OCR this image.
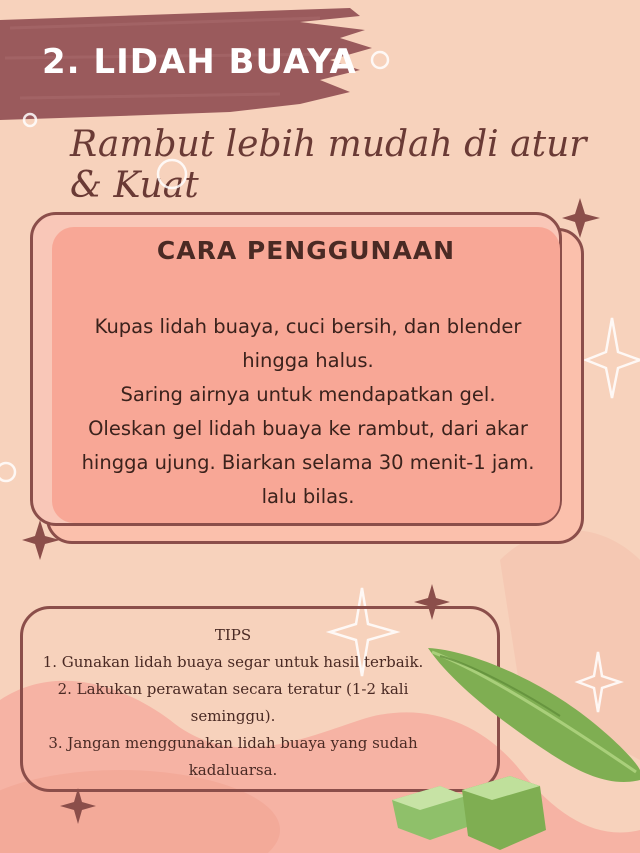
2. LIDAH BUAYA
Rambut lebih mudah di atur & Kuat
CARA PENGGUNAAN
Kupas lidah buaya, cuci bersih, dan blender
hingga halus.
Saring airnya untuk mendapatkan gel.
Oleskan gel lidah buaya ke rambut, dari akar
hingga ujung. Biarkan selama 30 menit-1 jam.
lalu bilas.
TIPS
1. Gunakan lidah buaya segar untuk hasil terbaik.
2. Lakukan perawatan secara teratur (1-2 kali
seminggu).
3. Jangan menggunakan lidah buaya yang sudah
kadaluarsa.
